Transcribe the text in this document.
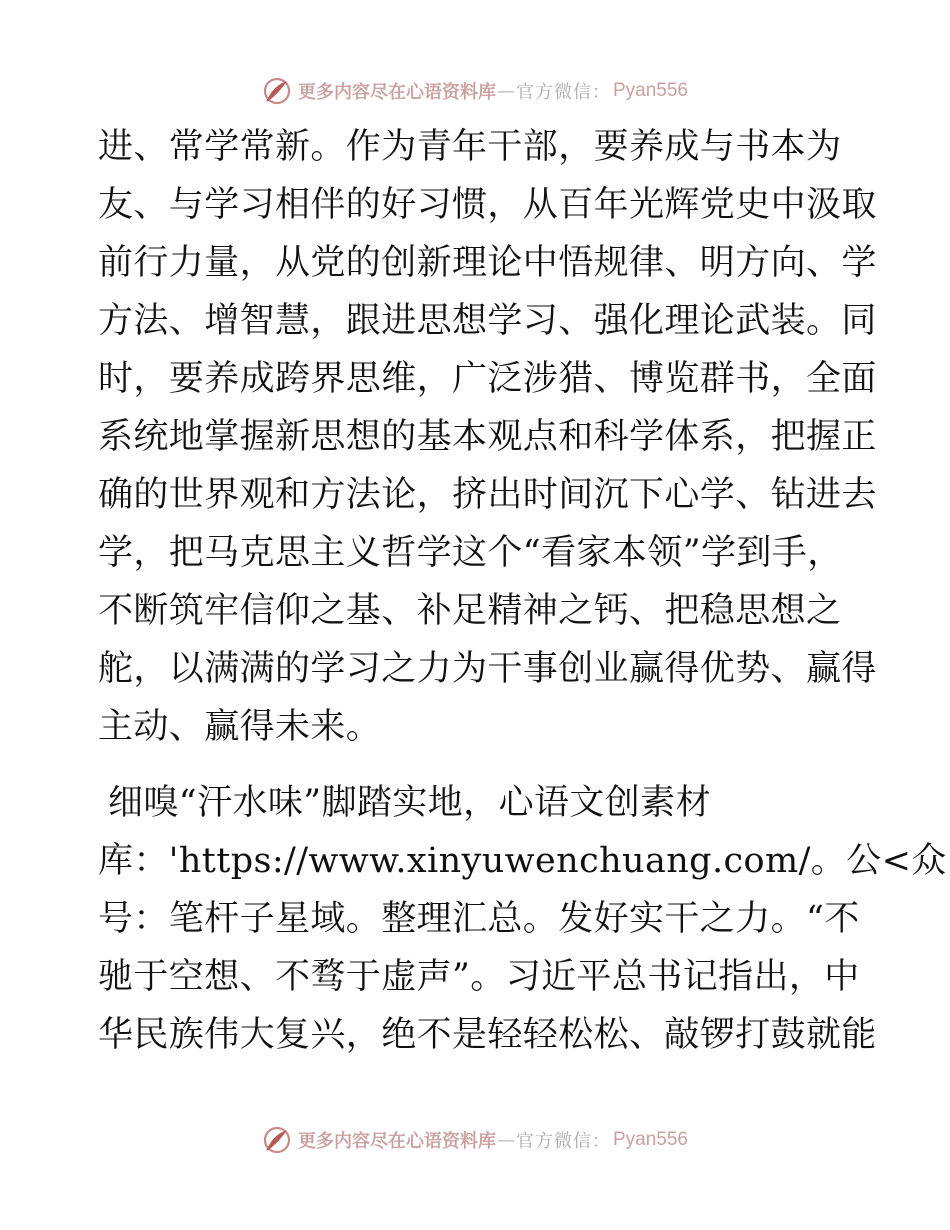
更多内容尽在心语资料库 — 官方微信： Pyan556
进、常学常新。作为青年干部，要养成与书本为
友、与学习相伴的好习惯，从百年光辉党史中汲取
前行力量，从党的创新理论中悟规律、明方向、学
方法、增智慧，跟进思想学习、强化理论武装。同
时，要养成跨界思维，广泛涉猎、博览群书，全面
系统地掌握新思想的基本观点和科学体系，把握正
确的世界观和方法论，挤出时间沉下心学、钻进去
学，把马克思主义哲学这个“看家本领”学到手，
不断筑牢信仰之基、补足精神之钙、把稳思想之
舵，以满满的学习之力为干事创业赢得优势、赢得
主动、赢得未来。
细嗅“汗水味”脚踏实地，心语文创素材
库：'https://www.xinyuwenchuang.com/。公<众
号：笔杆子星域。整理汇总。发好实干之力。“不
驰于空想、不骛于虚声”。习近平总书记指出，中
华民族伟大复兴，绝不是轻轻松松、敲锣打鼓就能
更多内容尽在心语资料库 — 官方微信： Pyan556
